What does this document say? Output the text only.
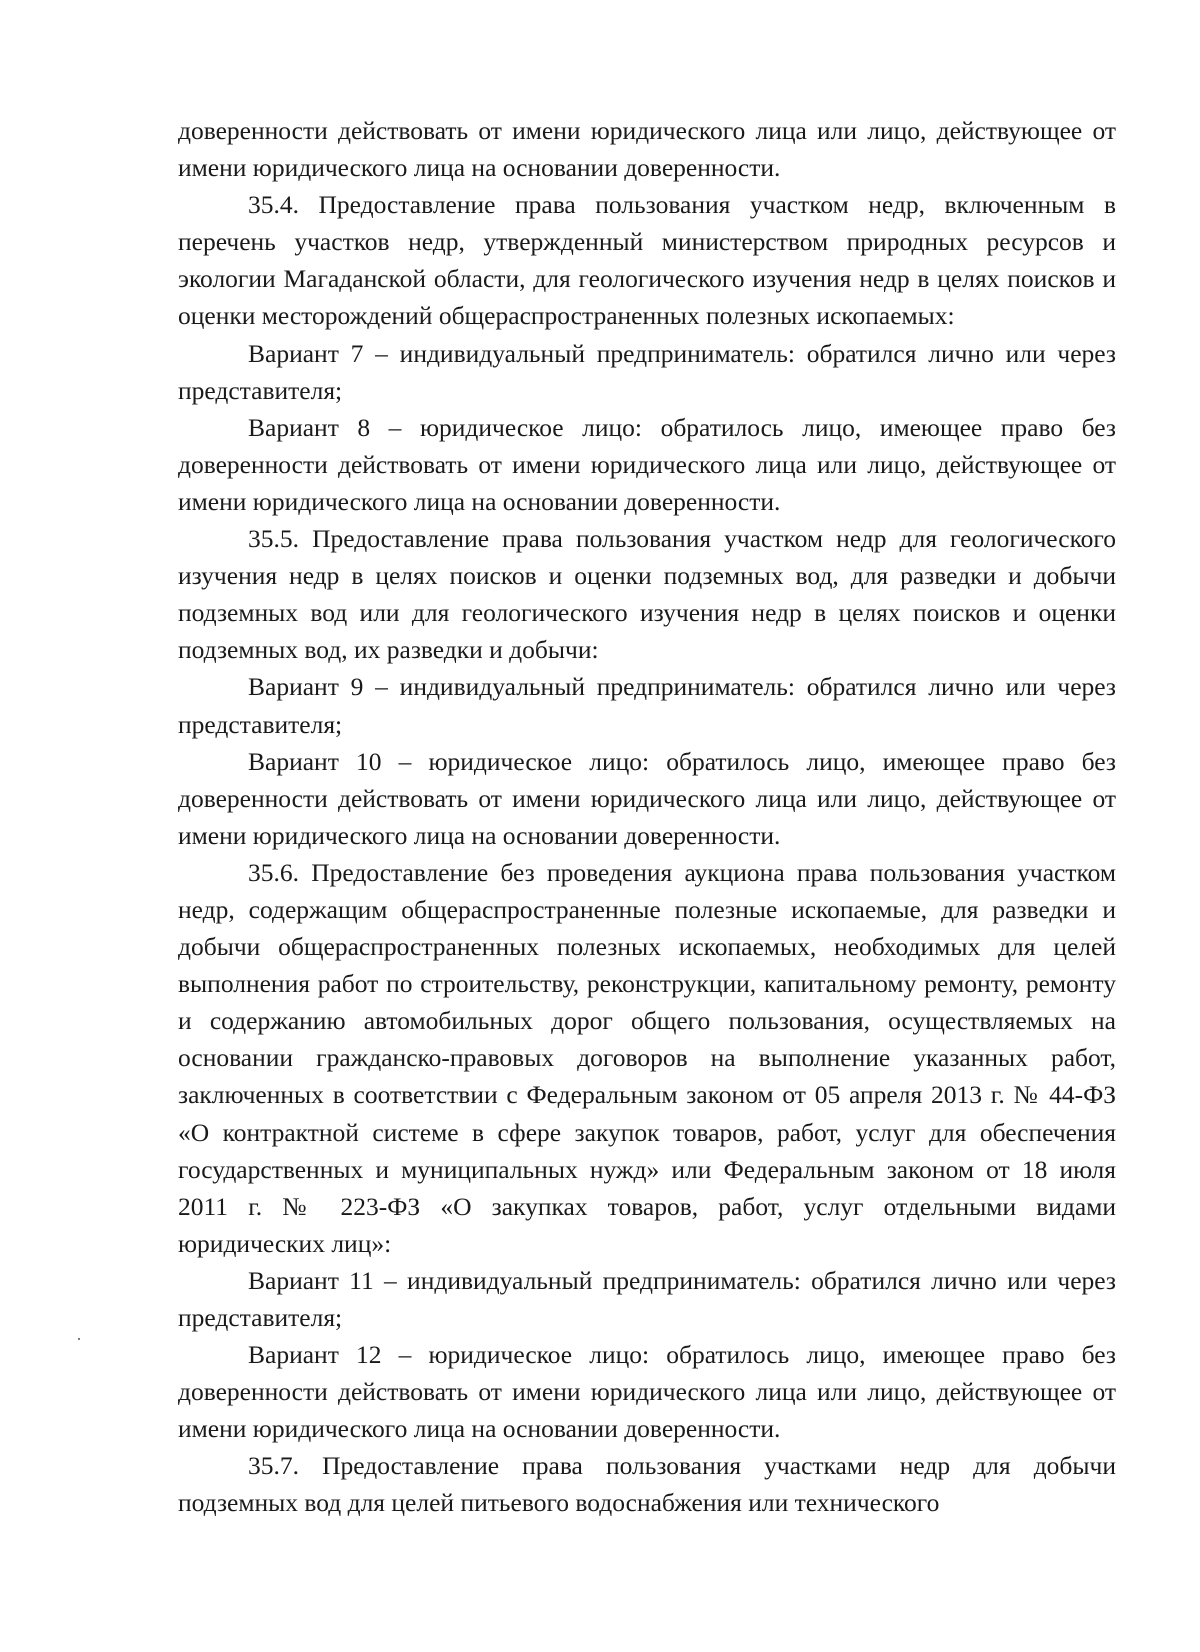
доверенности действовать от имени юридического лица или лицо, действующее от имени юридического лица на основании доверенности.

35.4. Предоставление права пользования участком недр, включенным в перечень участков недр, утвержденный министерством природных ресурсов и экологии Магаданской области, для геологического изучения недр в целях поисков и оценки месторождений общераспространенных полезных ископаемых:

Вариант 7 – индивидуальный предприниматель: обратился лично или через представителя;

Вариант 8 – юридическое лицо: обратилось лицо, имеющее право без доверенности действовать от имени юридического лица или лицо, действующее от имени юридического лица на основании доверенности.

35.5. Предоставление права пользования участком недр для геологического изучения недр в целях поисков и оценки подземных вод, для разведки и добычи подземных вод или для геологического изучения недр в целях поисков и оценки подземных вод, их разведки и добычи:

Вариант 9 – индивидуальный предприниматель: обратился лично или через представителя;

Вариант 10 – юридическое лицо: обратилось лицо, имеющее право без доверенности действовать от имени юридического лица или лицо, действующее от имени юридического лица на основании доверенности.

35.6. Предоставление без проведения аукциона права пользования участком недр, содержащим общераспространенные полезные ископаемые, для разведки и добычи общераспространенных полезных ископаемых, необходимых для целей выполнения работ по строительству, реконструкции, капитальному ремонту, ремонту и содержанию автомобильных дорог общего пользования, осуществляемых на основании гражданско-правовых договоров на выполнение указанных работ, заключенных в соответствии с Федеральным законом от 05 апреля 2013 г. № 44-ФЗ «О контрактной системе в сфере закупок товаров, работ, услуг для обеспечения государственных и муниципальных нужд» или Федеральным законом от 18 июля 2011 г. № 223-ФЗ «О закупках товаров, работ, услуг отдельными видами юридических лиц»:

Вариант 11 – индивидуальный предприниматель: обратился лично или через представителя;

Вариант 12 – юридическое лицо: обратилось лицо, имеющее право без доверенности действовать от имени юридического лица или лицо, действующее от имени юридического лица на основании доверенности.

35.7. Предоставление права пользования участками недр для добычи подземных вод для целей питьевого водоснабжения или технического
